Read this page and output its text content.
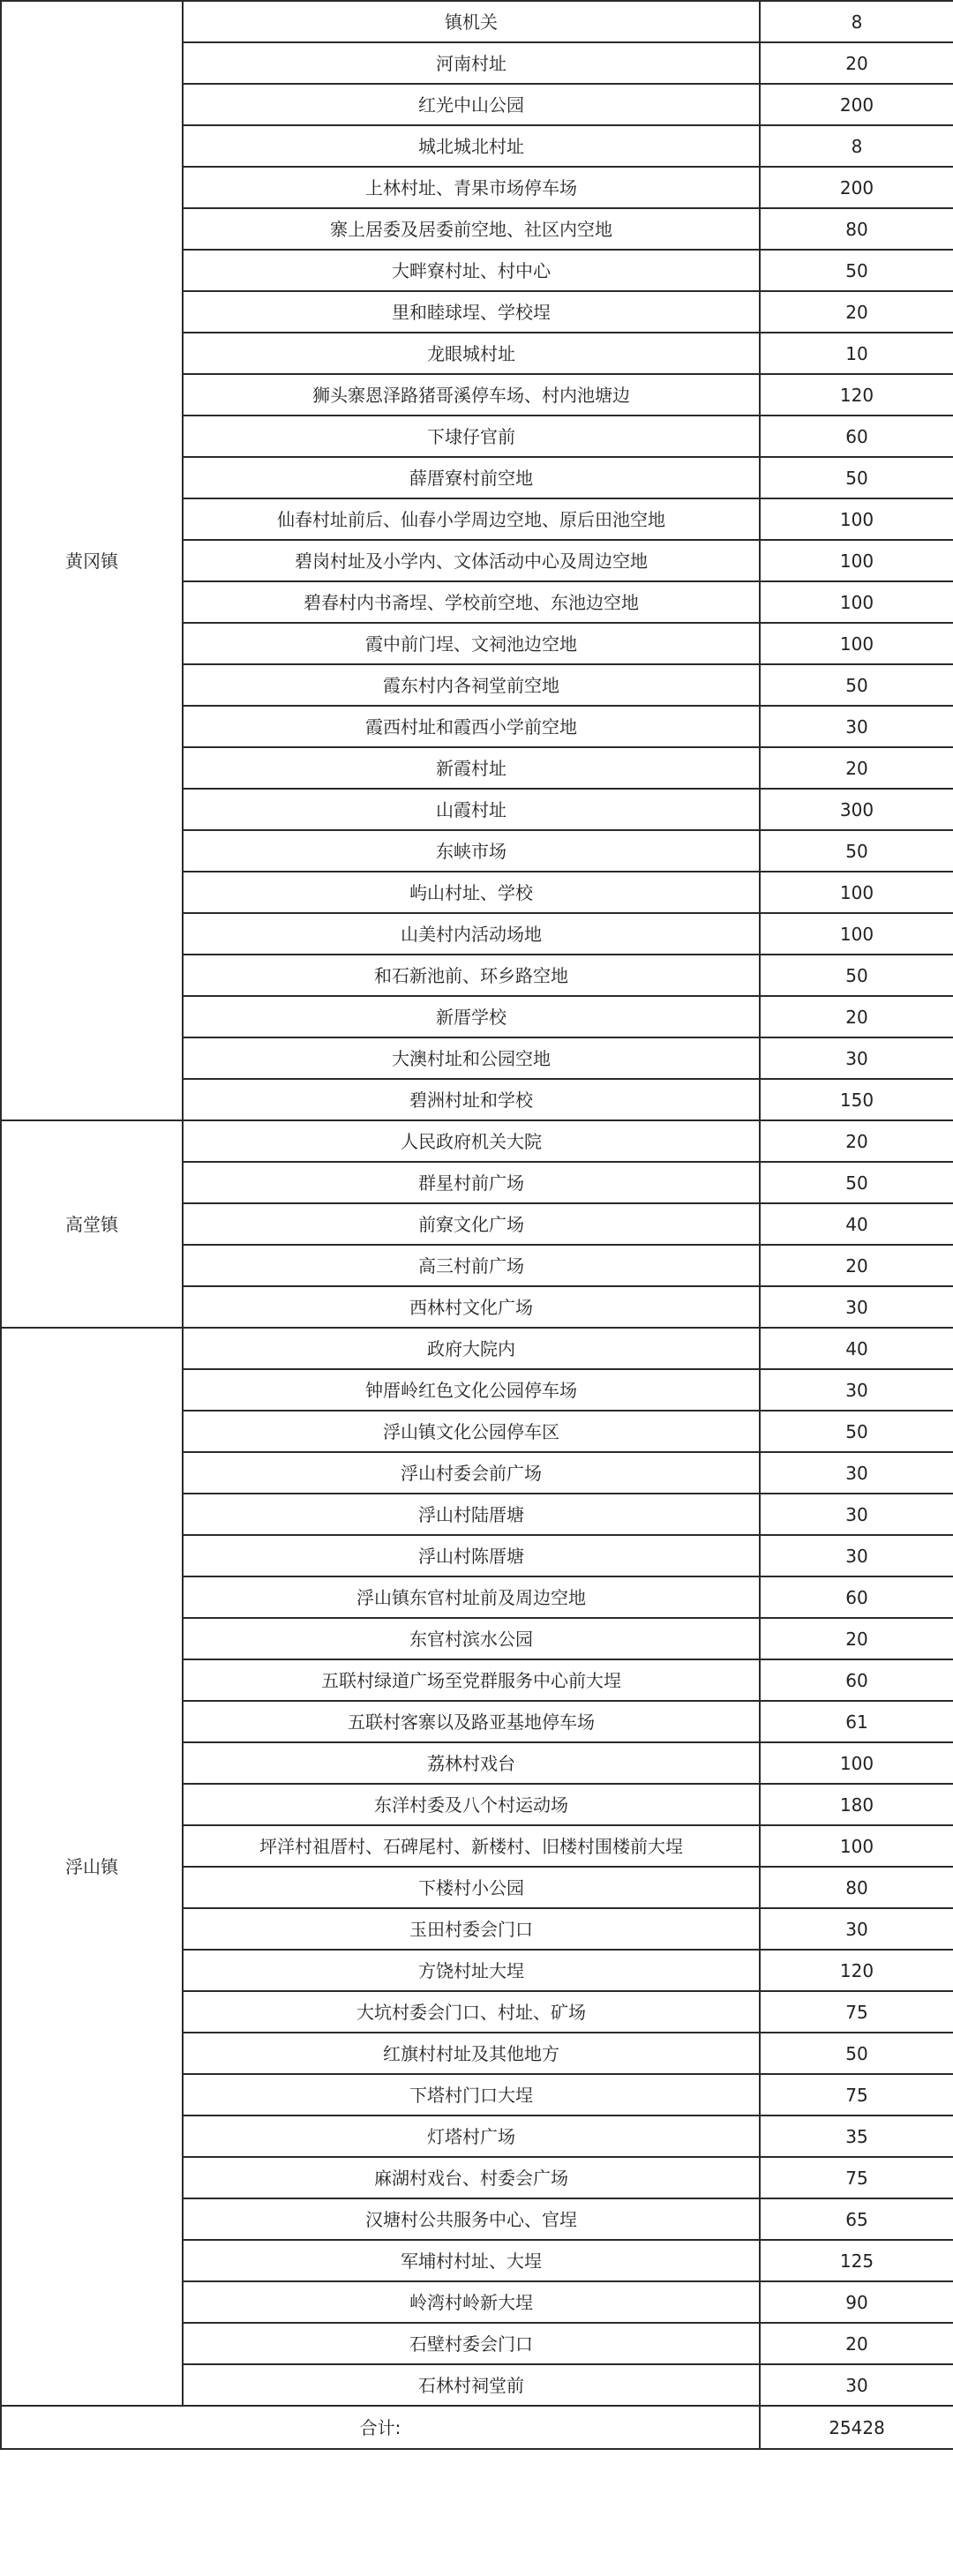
黄冈镇	镇机关	8
	河南村址	20
	红光中山公园	200
	城北城北村址	8
	上林村址、青果市场停车场	200
	寨上居委及居委前空地、社区内空地	80
	大畔寮村址、村中心	50
	里和睦球埕、学校埕	20
	龙眼城村址	10
	狮头寨恩泽路猪哥溪停车场、村内池塘边	120
	下埭仔官前	60
	薛厝寮村前空地	50
	仙春村址前后、仙春小学周边空地、原后田池空地	100
	碧岗村址及小学内、文体活动中心及周边空地	100
	碧春村内书斋埕、学校前空地、东池边空地	100
	霞中前门埕、文祠池边空地	100
	霞东村内各祠堂前空地	50
	霞西村址和霞西小学前空地	30
	新霞村址	20
	山霞村址	300
	东峡市场	50
	屿山村址、学校	100
	山美村内活动场地	100
	和石新池前、环乡路空地	50
	新厝学校	20
	大澳村址和公园空地	30
	碧洲村址和学校	150
高堂镇	人民政府机关大院	20
	群星村前广场	50
	前寮文化广场	40
	高三村前广场	20
	西林村文化广场	30
浮山镇	政府大院内	40
	钟厝岭红色文化公园停车场	30
	浮山镇文化公园停车区	50
	浮山村委会前广场	30
	浮山村陆厝塘	30
	浮山村陈厝塘	30
	浮山镇东官村址前及周边空地	60
	东官村滨水公园	20
	五联村绿道广场至党群服务中心前大埕	60
	五联村客寨以及路亚基地停车场	61
	荔林村戏台	100
	东洋村委及八个村运动场	180
	坪洋村祖厝村、石碑尾村、新楼村、旧楼村围楼前大埕	100
	下楼村小公园	80
	玉田村委会门口	30
	方饶村址大埕	120
	大坑村委会门口、村址、矿场	75
	红旗村村址及其他地方	50
	下塔村门口大埕	75
	灯塔村广场	35
	麻湖村戏台、村委会广场	75
	汉塘村公共服务中心、官埕	65
	军埔村村址、大埕	125
	岭湾村岭新大埕	90
	石壁村委会门口	20
	石林村祠堂前	30
合计:		25428
